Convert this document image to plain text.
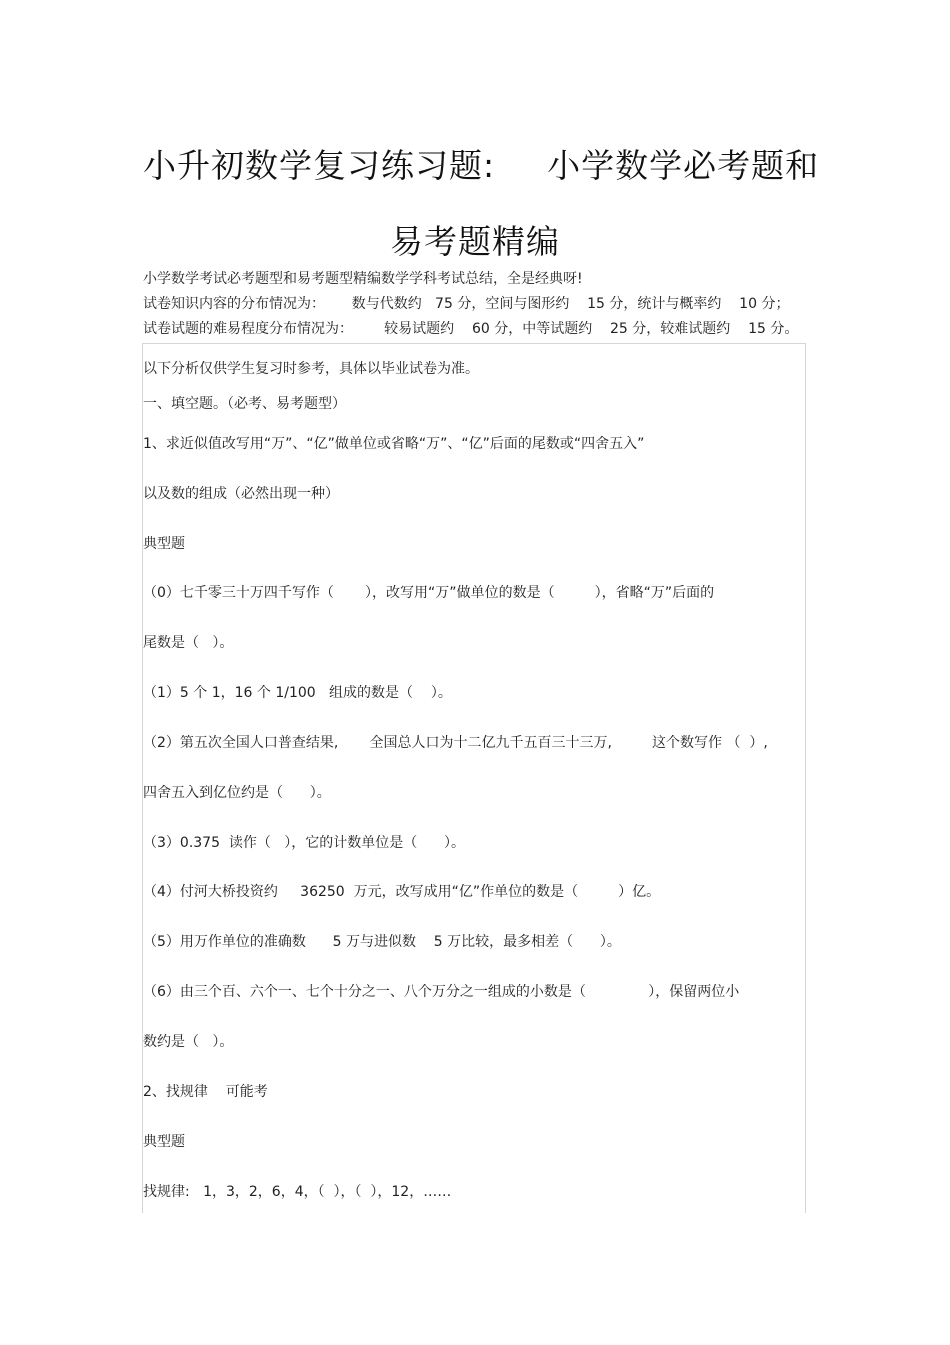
小升初数学复习练习题: 小学数学必考题和
易考题精编
小学数学考试必考题型和易考题型精编数学学科考试总结，全是经典呀!
试卷知识内容的分布情况为：      数与代数约   75 分，空间与图形约    15 分，统计与概率约    10 分；
试卷试题的难易程度分布情况为：       较易试题约    60 分，中等试题约    25 分，较难试题约    15 分。
以下分析仅供学生复习时参考，具体以毕业试卷为准。
一、填空题。（必考、易考题型）
1、求近似值改写用“万”、“亿”做单位或省略“万”、“亿”后面的尾数或“四舍五入”
以及数的组成（必然出现一种）
典型题
（0）七千零三十万四千写作（       ），改写用“万”做单位的数是（         ），省略“万”后面的
尾数是（   ）。
（1）5 个 1，16 个 1/100   组成的数是（    ）。
（2）第五次全国人口普查结果,       全国总人口为十二亿九千五百三十三万,         这个数写作 （  ）,
四舍五入到亿位约是（      ）。
（3）0.375  读作（   ），它的计数单位是（      ）。
（4）付河大桥投资约     36250  万元，改写成用“亿”作单位的数是（         ）亿。
（5）用万作单位的准确数      5 万与进似数    5 万比较，最多相差（      ）。
（6）由三个百、六个一、七个十分之一、八个万分之一组成的小数是（              ），保留两位小
数约是（   ）。
2、找规律    可能考
典型题
找规律:   1，3，2，6，4，（  ），（  ），12，……
